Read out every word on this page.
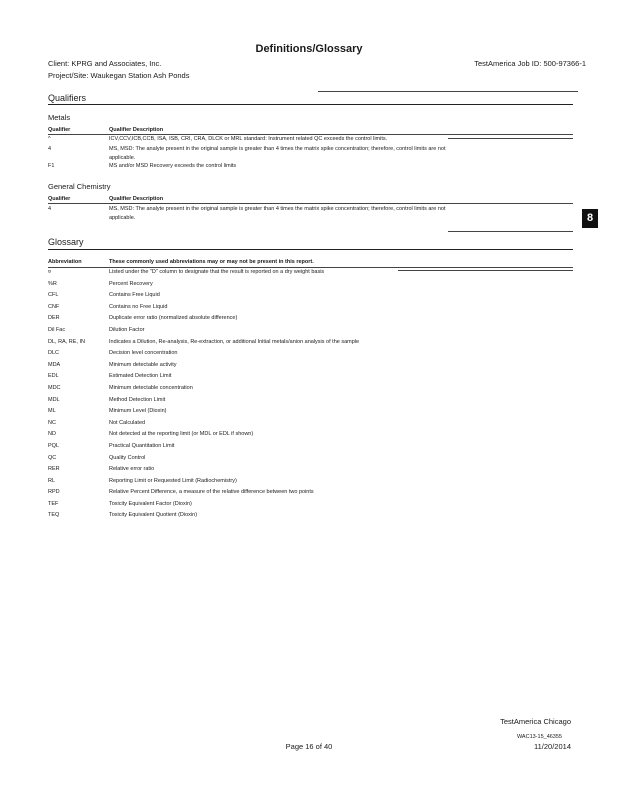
Definitions/Glossary
Client: KPRG and Associates, Inc.
Project/Site: Waukegan Station Ash Ponds
TestAmerica Job ID: 500-97366-1
8
Qualifiers
Metals
Qualifier	Qualifier Description
^	ICV,CCV,ICB,CCB, ISA, ISB, CRI, CRA, DLCK or MRL standard: Instrument related QC exceeds the control limits.
4	MS, MSD: The analyte present in the original sample is greater than 4 times the matrix spike concentration; therefore, control limits are not
applicable.
F1	MS and/or MSD Recovery exceeds the control limits
General Chemistry
Qualifier	Qualifier Description
4	MS, MSD: The analyte present in the original sample is greater than 4 times the matrix spike concentration; therefore, control limits are not
applicable.
Glossary
Abbreviation	These commonly used abbreviations may or may not be present in this report.
¤	Listed under the "D" column to designate that the result is reported on a dry weight basis
%R	Percent Recovery
CFL	Contains Free Liquid
CNF	Contains no Free Liquid
DER	Duplicate error ratio (normalized absolute difference)
Dil Fac	Dilution Factor
DL, RA, RE, IN	Indicates a Dilution, Re-analysis, Re-extraction, or additional Initial metals/anion analysis of the sample
DLC	Decision level concentration
MDA	Minimum detectable activity
EDL	Estimated Detection Limit
MDC	Minimum detectable concentration
MDL	Method Detection Limit
ML	Minimum Level (Dioxin)
NC	Not Calculated
ND	Not detected at the reporting limit (or MDL or EDL if shown)
PQL	Practical Quantitation Limit
QC	Quality Control
RER	Relative error ratio
RL	Reporting Limit or Requested Limit (Radiochemistry)
RPD	Relative Percent Difference, a measure of the relative difference between two points
TEF	Toxicity Equivalent Factor (Dioxin)
TEQ	Toxicity Equivalent Quotient (Dioxin)
TestAmerica Chicago
WAC13-15_46355
Page 16 of 40	11/20/2014
